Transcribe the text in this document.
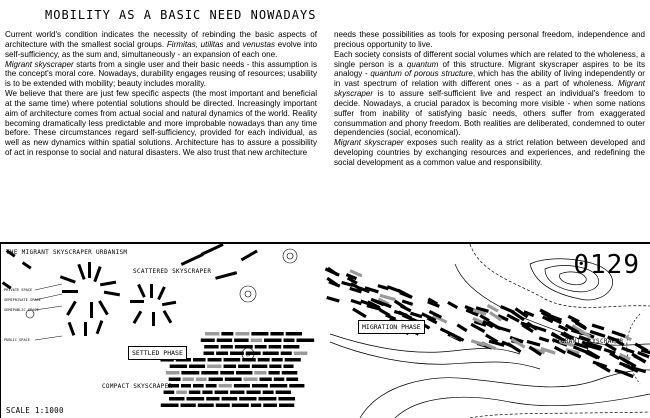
MOBILITY AS A BASIC NEED NOWADAYS

Current world's condition indicates the necessity of rebinding the basic aspects of architecture with the smallest social groups. Firmitas, utilitas and venustas evolve into self-sufficiency, as the sum and, simultaneously - an expansion of each one.

Migrant skyscraper starts from a single user and their basic needs - this assumption is the concept's moral core. Nowadays, durability engages reusing of resources; usability is to be extended with mobility; beauty includes morality.

We believe that there are just few specific aspects (the most important and beneficial at the same time) where potential solutions should be directed. Increasingly important aim of architecture comes from actual social and natural dynamics of the world. Reality becoming dramatically less predictable and more improbable nowadays than any time before. These circumstances regard self-sufficiency, provided for each individual, as well as new dynamics within spatial solutions. Architecture has to assure a possibility of act in response to social and natural disasters. We also trust that new architecture

needs these possibilities as tools for exposing personal freedom, independence and precious opportunity to live.

Each society consists of different social volumes which are related to the wholeness, a single person is a quantum of this structure. Migrant skyscraper aspires to be its analogy - quantum of porous structure, which has the ability of living independently or in vast spectrum of relation with different ones - as a part of wholeness. Migrant skyscraper is to assure self-sufficient live and respect an individual's freedom to decide. Nowadays, a crucial paradox is becoming more visible - when some nations suffer from inability of satisfying basic needs, others suffer from exaggerated consummation and phony freedom. Both realities are deliberated, condemned to outer dependencies (social, economical).

Migrant skyscraper exposes such reality as a strict relation between developed and developing countries by exchanging resources and experiences, and redefining the social development as a common value and responsibility.

THE MIGRANT SKYSCRAPER URBANISM
SCATTERED SKYSCRAPER
SETTLED PHASE
COMPACT SKYSCRAPER
MIGRATION PHASE
MIGRANT SKYSCRAPER
0129
SCALE 1:1000
PRIVATE SPACE
SEMIPRIVATE SPACE
SEMIPUBLIC SPACE
PUBLIC SPACE
